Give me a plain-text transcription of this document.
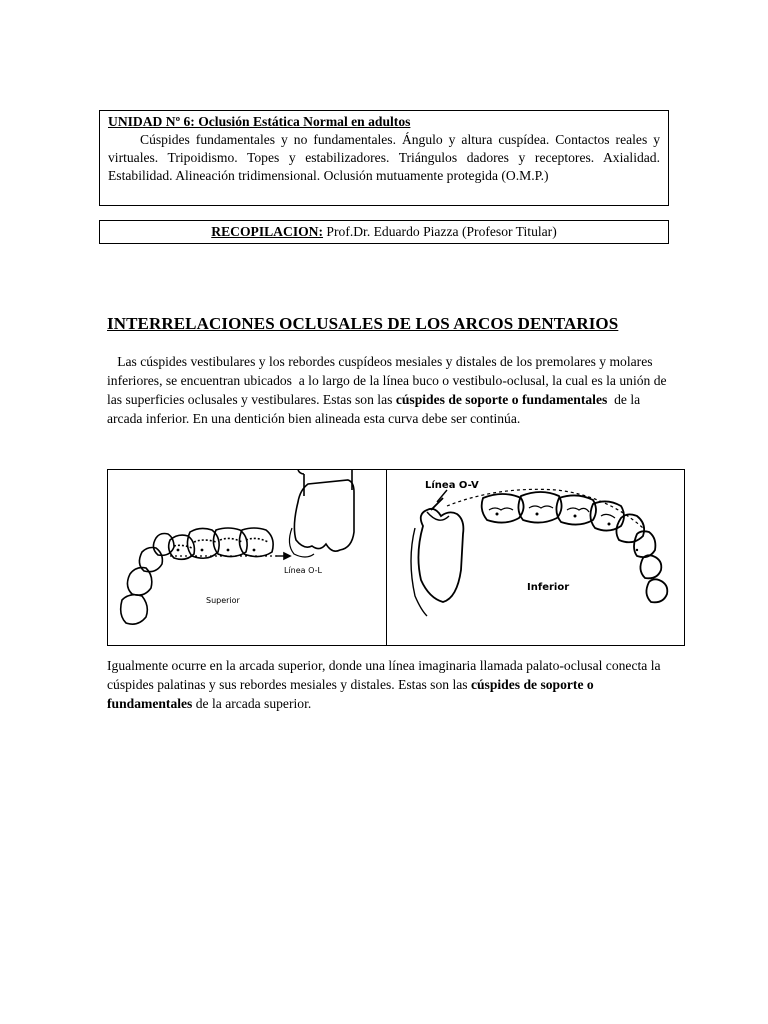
UNIDAD Nº 6: Oclusión Estática Normal en adultos
Cúspides fundamentales y no fundamentales. Ángulo y altura cuspídea. Contactos reales y virtuales. Tripoidismo. Topes y estabilizadores. Triángulos dadores y receptores. Axialidad. Estabilidad. Alineación tridimensional. Oclusión mutuamente protegida (O.M.P.)
RECOPILACION: Prof.Dr. Eduardo Piazza (Profesor Titular)
INTERRELACIONES OCLUSALES DE LOS ARCOS DENTARIOS
Las cúspides vestibulares y los rebordes cuspídeos mesiales y distales de los premolares y molares inferiores, se encuentran ubicados  a lo largo de la línea buco o vestibulo-oclusal, la cual es la unión de las superficies oclusales y vestibulares. Estas son las cúspides de soporte o fundamentales  de la arcada inferior. En una dentición bien alineada esta curva debe ser continúa.
Línea O-L
Superior
Línea O-V
Inferior
Igualmente ocurre en la arcada superior, donde una línea imaginaria llamada palato-oclusal conecta la cúspides palatinas y sus rebordes mesiales y distales. Estas son las cúspides de soporte o fundamentales de la arcada superior.
